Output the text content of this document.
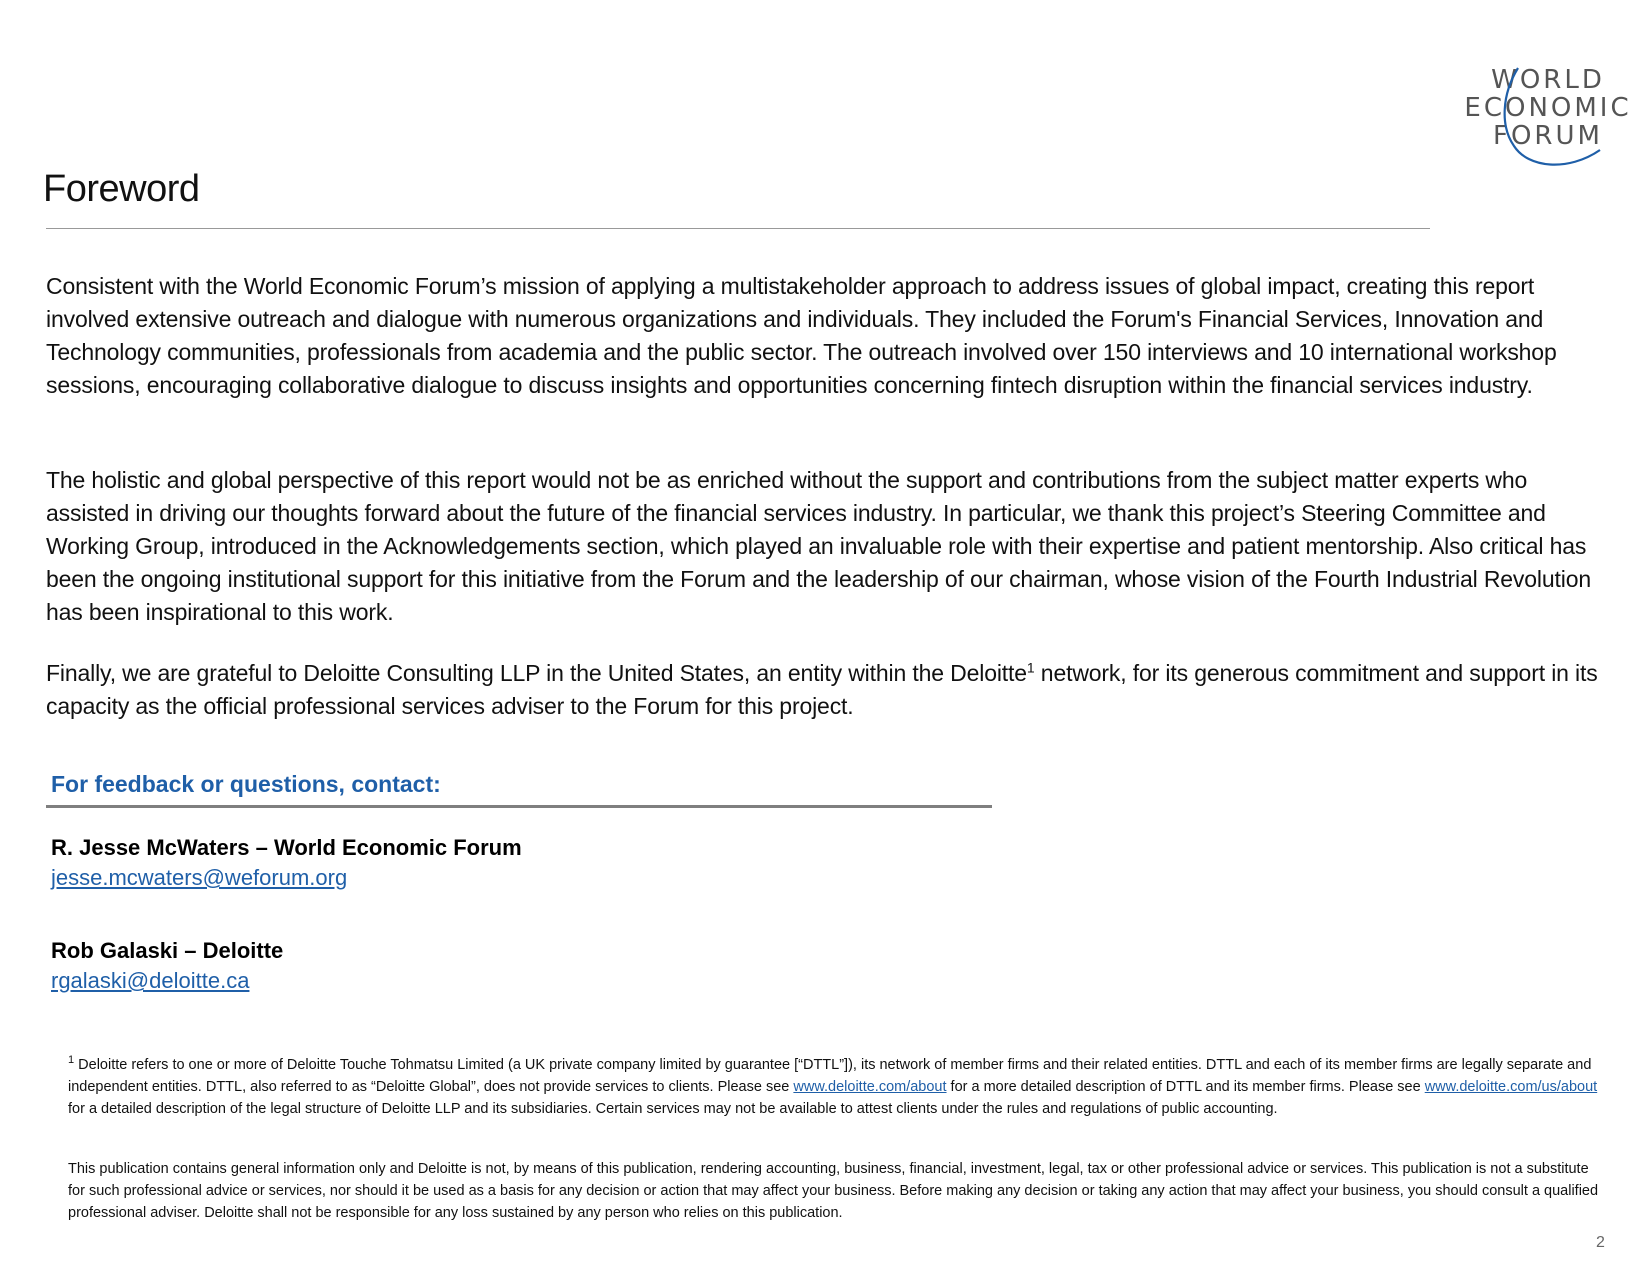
WORLD
ECONOMIC
FORUM
Foreword

Consistent with the World Economic Forum’s mission of applying a multistakeholder approach to address issues of global impact, creating this report involved extensive outreach and dialogue with numerous organizations and individuals. They included the Forum's Financial Services, Innovation and Technology communities, professionals from academia and the public sector. The outreach involved over 150 interviews and 10 international workshop sessions, encouraging collaborative dialogue to discuss insights and opportunities concerning fintech disruption within the financial services industry.

The holistic and global perspective of this report would not be as enriched without the support and contributions from the subject matter experts who assisted in driving our thoughts forward about the future of the financial services industry. In particular, we thank this project’s Steering Committee and Working Group, introduced in the Acknowledgements section, which played an invaluable role with their expertise and patient mentorship. Also critical has been the ongoing institutional support for this initiative from the Forum and the leadership of our chairman, whose vision of the Fourth Industrial Revolution has been inspirational to this work.

Finally, we are grateful to Deloitte Consulting LLP in the United States, an entity within the Deloitte$^1$ network, for its generous commitment and support in its capacity as the official professional services adviser to the Forum for this project.

For feedback or questions, contact:

R. Jesse McWaters – World Economic Forum

jesse.mcwaters@weforum.org

Rob Galaski – Deloitte

rgalaski@deloitte.ca

$^1$ Deloitte refers to one or more of Deloitte Touche Tohmatsu Limited (a UK private company limited by guarantee [“DTTL”]), its network of member firms and their related entities. DTTL and each of its member firms are legally separate and independent entities. DTTL, also referred to as “Deloitte Global”, does not provide services to clients. Please see www.deloitte.com/about for a more detailed description of DTTL and its member firms. Please see www.deloitte.com/us/about for a detailed description of the legal structure of Deloitte LLP and its subsidiaries. Certain services may not be available to attest clients under the rules and regulations of public accounting.

This publication contains general information only and Deloitte is not, by means of this publication, rendering accounting, business, financial, investment, legal, tax or other professional advice or services. This publication is not a substitute for such professional advice or services, nor should it be used as a basis for any decision or action that may affect your business. Before making any decision or taking any action that may affect your business, you should consult a qualified professional adviser. Deloitte shall not be responsible for any loss sustained by any person who relies on this publication.

2
